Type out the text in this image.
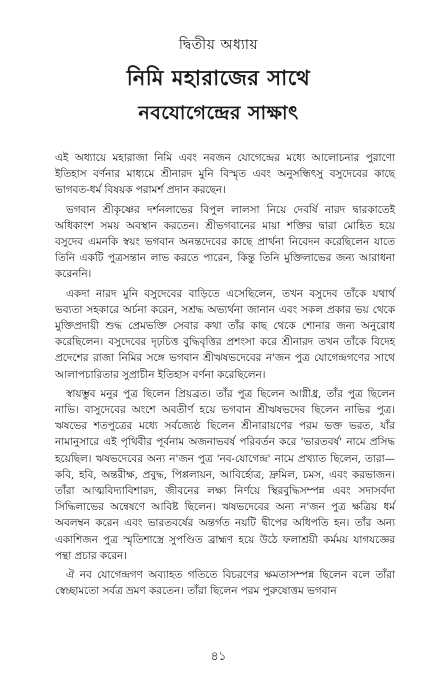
দ্বিতীয় অধ্যায়
নিমি মহারাজের সাথে
নবযোগেন্দ্রের সাক্ষাৎ

এই অধ্যায়ে মহারাজা নিমি এবং নবজন যোগেন্দ্রের মধ্যে আলোচনার পুরাণো ইতিহাস বর্ণনার মাধ্যমে শ্রীনারদ মুনি বিস্মৃত এবং অনুসন্ধিৎসু বসুদেবের কাছে ভাগবত-ধর্ম বিষয়ক পরামর্শ প্রদান করছেন।

ভগবান শ্রীকৃষ্ণের দর্শনলাভের বিপুল লালসা নিয়ে দেবর্ষি নারদ দ্বারকাতেই অধিকাংশ সময় অবস্থান করতেন। শ্রীভগবানের মায়া শক্তির দ্বারা মোহিত হয়ে বসুদেব এমনকি স্বয়ং ভগবান অনন্তদেবের কাছে প্রার্থনা নিবেদন করেছিলেন যাতে তিনি একটি পুত্রসন্তান লাভ করতে পারেন, কিন্তু তিনি মুক্তিলাভের জন্য আরাধনা করেননি।

একদা নারদ মুনি বসুদেবের বাড়িতে এসেছিলেন, তখন বসুদেব তাঁকে যথার্থ ভব্যতা সহকারে অর্চনা করেন, সশ্রদ্ধ অভ্যর্থনা জানান এবং সকল প্রকার ভয় থেকে মুক্তিপ্রদায়ী শুদ্ধ প্রেমভক্তি সেবার কথা তাঁর কাছ থেকে শোনার জন্য অনুরোধ করেছিলেন। বসুদেবের দৃঢ়চিত্ত বুদ্ধিবৃত্তির প্রশংসা করে শ্রীনারদ তখন তাঁকে বিদেহ প্রদেশের রাজা নিমির সঙ্গে ভগবান শ্রীঋষভদেবের ন'জন পুত্র যোগেন্দ্রগণের সাথে আলাপচারিতার সুপ্রাচীন ইতিহাস বর্ণনা করেছিলেন।

স্বায়ম্ভুব মনুর পুত্র ছিলেন প্রিয়ব্রত। তাঁর পুত্র ছিলেন আগ্নীধ্র, তাঁর পুত্র ছিলেন নাভি। বাসুদেবের অংশে অবতীর্ণ হয়ে ভগবান শ্রীঋষভদেব ছিলেন নাভির পুত্র। ঋষভের শতপুত্রের মধ্যে সর্বজ্যেষ্ঠ ছিলেন শ্রীনারায়ণের পরম ভক্ত ভরত, যাঁর নামানুসারে এই পৃথিবীর পূর্বনাম অজনাভবর্ষ পরিবর্তন করে 'ভারতবর্ষ' নামে প্রসিদ্ধ হয়েছিল। ঋষভদেবের অন্য ন'জন পুত্র 'নব-যোগেন্দ্র' নামে প্রখ্যাত ছিলেন, তারা—কবি, হবি, অন্তরীক্ষ, প্রবুদ্ধ, পিপ্পলায়ন, আবির্হোত্র, দ্রুমিল, চমস, এবং করভাজন। তাঁরা আত্মবিদ্যাবিশারদ, জীবনের লক্ষ্য নির্ণয়ে স্থিরবুদ্ধিসম্পন্ন এবং সদাসর্বদা সিদ্ধিলাভের অন্বেষণে আবিষ্ট ছিলেন। ঋষভদেবের অন্য ন'জন পুত্র ক্ষত্রিয় ধর্ম অবলম্বন করেন এবং ভারতবর্ষের অন্তর্গত নয়টি দ্বীপের অধিপতি হন। তাঁর অন্য একাশিজন পুত্র স্মৃতিশাস্ত্রে সুপণ্ডিত ব্রাহ্মণ হয়ে উঠে ফলাশ্রয়ী কর্মময় যাগযজ্ঞের পন্থা প্রচার করেন।

ঐ নব যোগেন্দ্রগণ অব্যাহত গতিতে বিচরণের ক্ষমতাসম্পন্ন ছিলেন বলে তাঁরা স্বেচ্ছামতো সর্বত্র ভ্রমণ করতেন। তাঁরা ছিলেন পরম পুরুষোত্তম ভগবান

৪১
